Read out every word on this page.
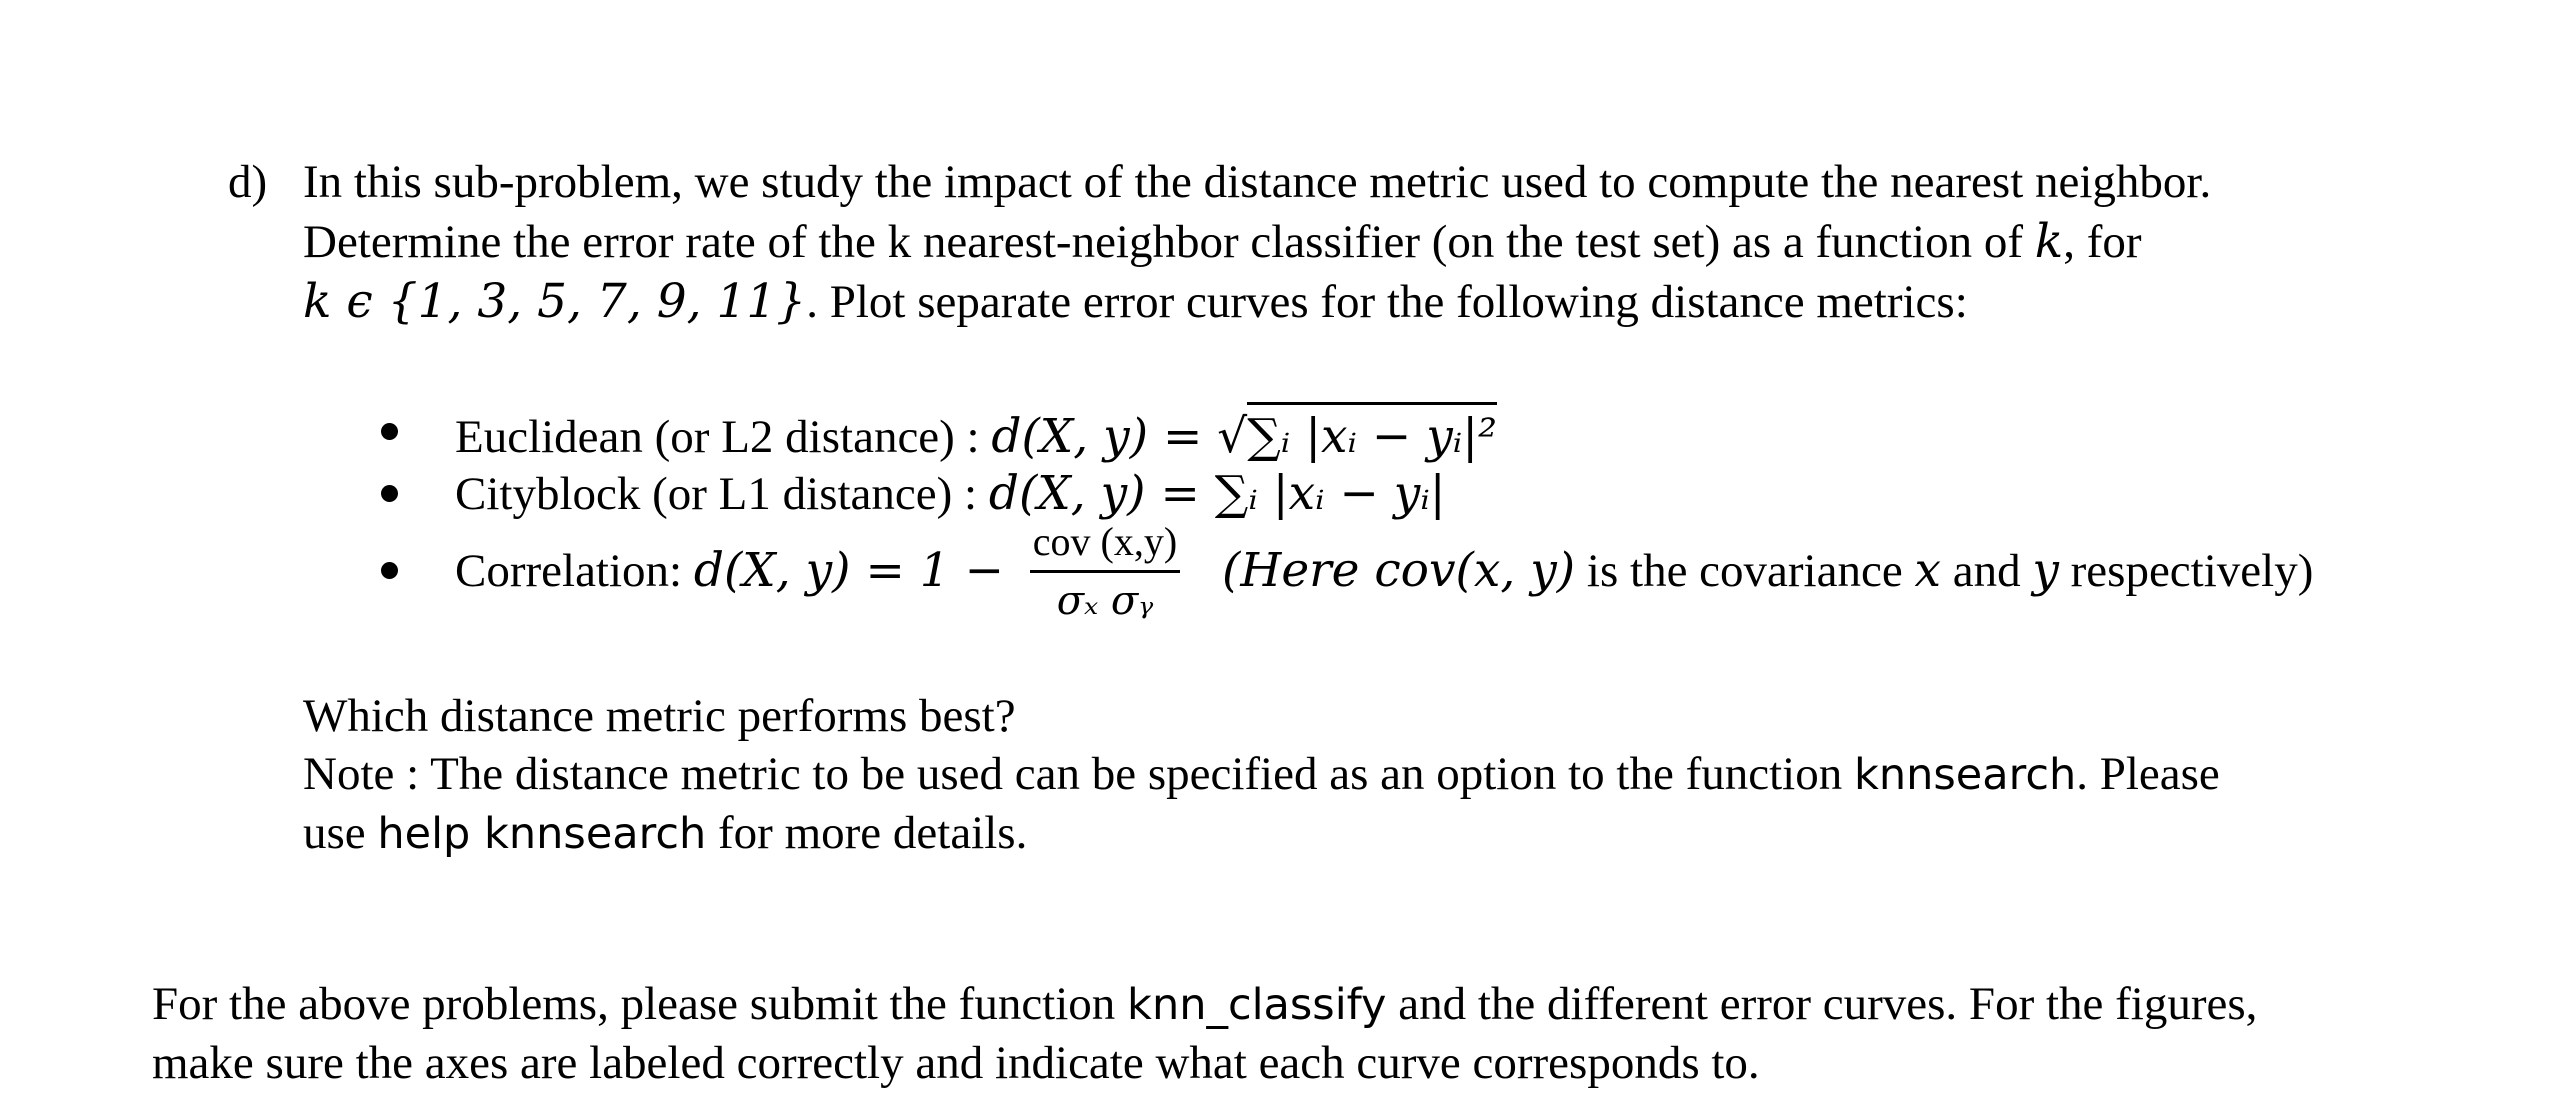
d) In this sub-problem, we study the impact of the distance metric used to compute the nearest neighbor.
Determine the error rate of the k nearest-neighbor classifier (on the test set) as a function of k, for
k ϵ {1, 3, 5, 7, 9, 11}. Plot separate error curves for the following distance metrics:
Euclidean (or L2 distance) : d(X, y) = √∑ᵢ |xᵢ − yᵢ|²
Cityblock (or L1 distance) : d(X, y) = ∑ᵢ |xᵢ − yᵢ|
Correlation: d(X, y) = 1 −
cov (x,y)
σₓ σᵧ
(Here cov(x, y) is the covariance x and y respectively)
Which distance metric performs best?
Note : The distance metric to be used can be specified as an option to the function knnsearch. Please
use help knnsearch for more details.
For the above problems, please submit the function knn_classify and the different error curves. For the figures,
make sure the axes are labeled correctly and indicate what each curve corresponds to.
